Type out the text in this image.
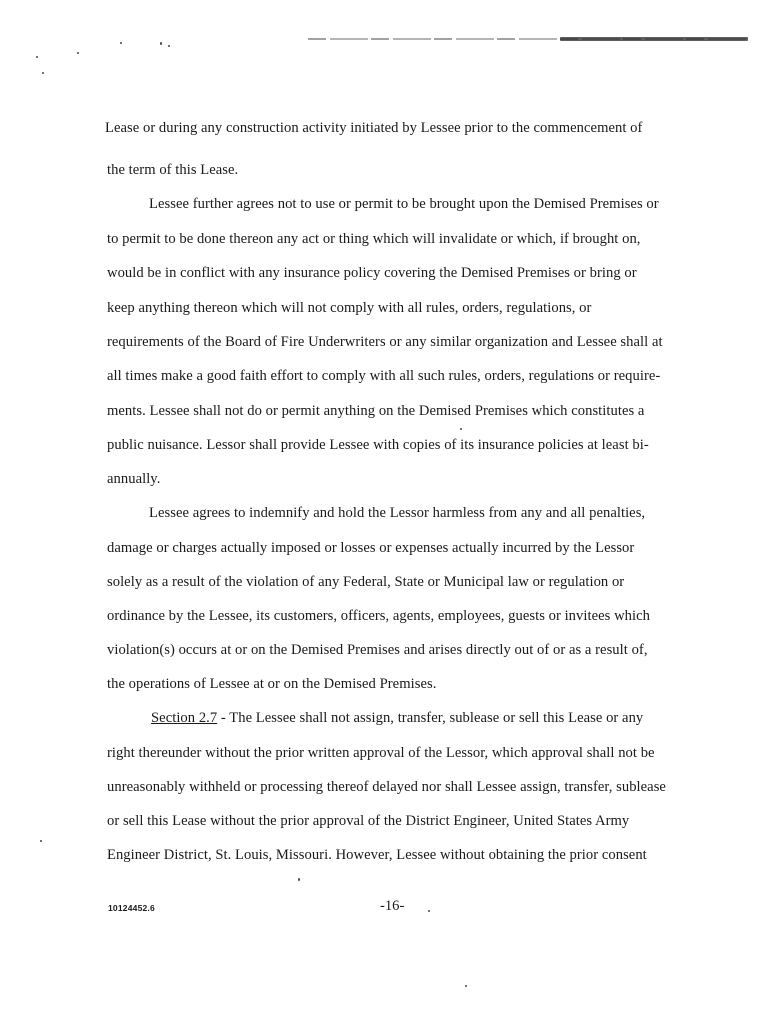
Lease or during any construction activity initiated by Lessee prior to the commencement of
the term of this Lease.
Lessee further agrees not to use or permit to be brought upon the Demised Premises or
to permit to be done thereon any act or thing which will invalidate or which, if brought on,
would be in conflict with any insurance policy covering the Demised Premises or bring or
keep anything thereon which will not comply with all rules, orders, regulations, or
requirements of the Board of Fire Underwriters or any similar organization and Lessee shall at
all times make a good faith effort to comply with all such rules, orders, regulations or require-
ments. Lessee shall not do or permit anything on the Demised Premises which constitutes a
public nuisance. Lessor shall provide Lessee with copies of its insurance policies at least bi-
annually.
Lessee agrees to indemnify and hold the Lessor harmless from any and all penalties,
damage or charges actually imposed or losses or expenses actually incurred by the Lessor
solely as a result of the violation of any Federal, State or Municipal law or regulation or
ordinance by the Lessee, its customers, officers, agents, employees, guests or invitees which
violation(s) occurs at or on the Demised Premises and arises directly out of or as a result of,
the operations of Lessee at or on the Demised Premises.
Section 2.7 - The Lessee shall not assign, transfer, sublease or sell this Lease or any
right thereunder without the prior written approval of the Lessor, which approval shall not be
unreasonably withheld or processing thereof delayed nor shall Lessee assign, transfer, sublease
or sell this Lease without the prior approval of the District Engineer, United States Army
Engineer District, St. Louis, Missouri. However, Lessee without obtaining the prior consent
10124452.6	-16-
